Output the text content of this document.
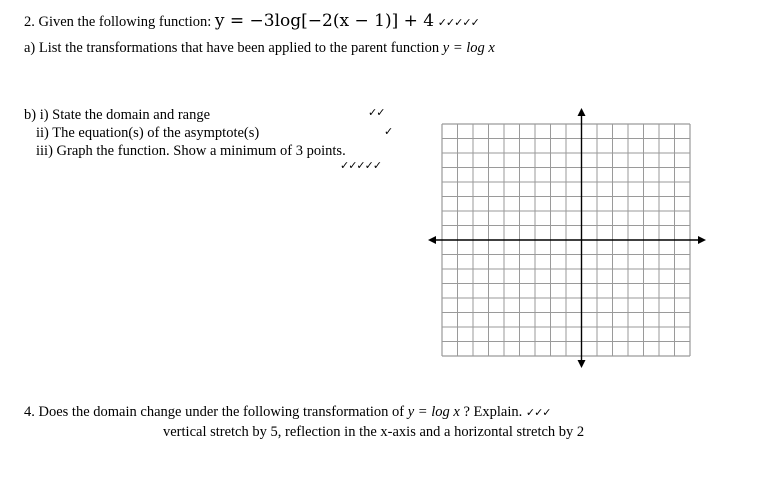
2. Given the following function: y = −3log[−2(x − 1)] + 4 ✓✓✓✓✓
a) List the transformations that have been applied to the parent function y = log x
b) i) State the domain and range	✓✓
ii) The equation(s) of the asymptote(s)	✓
iii) Graph the function. Show a minimum of 3 points.
✓✓✓✓✓
4. Does the domain change under the following transformation of y = log x ? Explain. ✓✓✓
vertical stretch by 5, reflection in the x-axis and a horizontal stretch by 2
